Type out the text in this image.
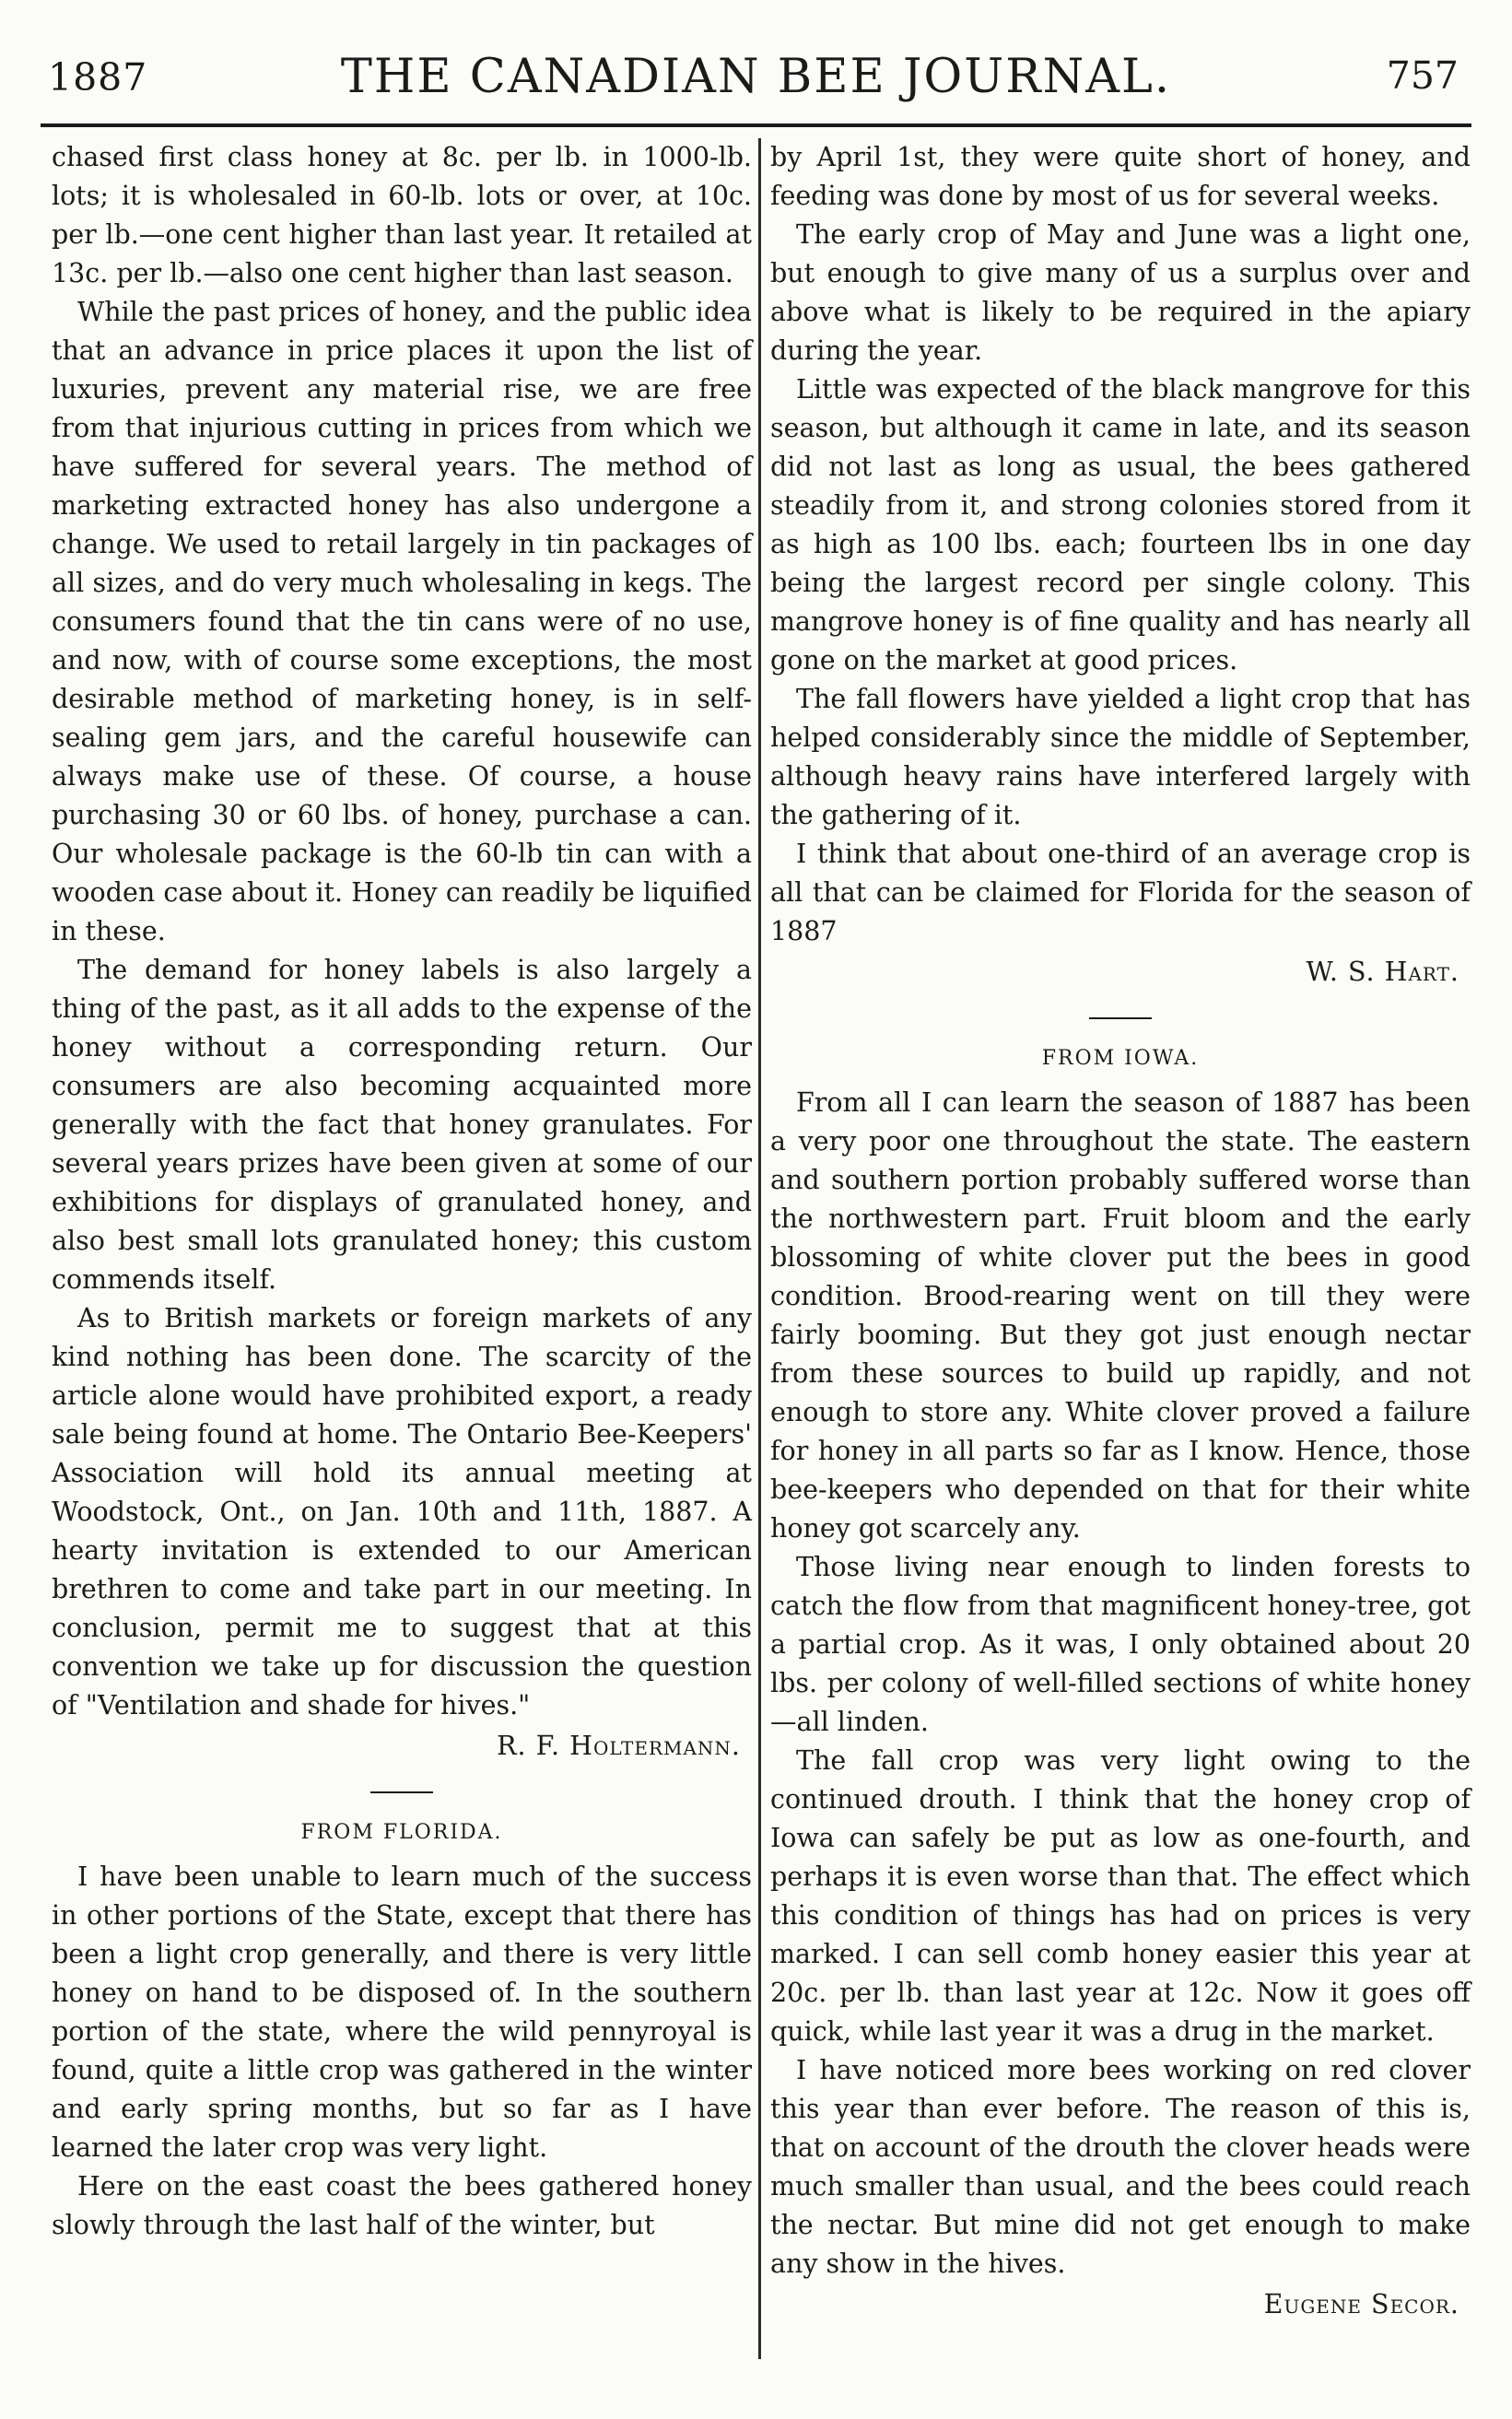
1887	THE CANADIAN BEE JOURNAL.	757

chased first class honey at 8c. per lb. in 1000-lb. lots; it is wholesaled in 60-lb. lots or over, at 10c. per lb.—one cent higher than last year. It retailed at 13c. per lb.—also one cent higher than last season.

While the past prices of honey, and the public idea that an advance in price places it upon the list of luxuries, prevent any material rise, we are free from that injurious cutting in prices from which we have suffered for several years. The method of marketing extracted honey has also undergone a change. We used to retail largely in tin packages of all sizes, and do very much wholesaling in kegs. The consumers found that the tin cans were of no use, and now, with of course some exceptions, the most desirable method of marketing honey, is in self-sealing gem jars, and the careful housewife can always make use of these. Of course, a house purchasing 30 or 60 lbs. of honey, purchase a can. Our wholesale package is the 60-lb tin can with a wooden case about it. Honey can readily be liquified in these.

The demand for honey labels is also largely a thing of the past, as it all adds to the expense of the honey without a corresponding return. Our consumers are also becoming acquainted more generally with the fact that honey granulates. For several years prizes have been given at some of our exhibitions for displays of granulated honey, and also best small lots granulated honey; this custom commends itself.

As to British markets or foreign markets of any kind nothing has been done. The scarcity of the article alone would have prohibited export, a ready sale being found at home. The Ontario Bee-Keepers' Association will hold its annual meeting at Woodstock, Ont., on Jan. 10th and 11th, 1887. A hearty invitation is extended to our American brethren to come and take part in our meeting. In conclusion, permit me to suggest that at this convention we take up for discussion the question of "Ventilation and shade for hives."

R. F. Holtermann.
FROM FLORIDA.

I have been unable to learn much of the success in other portions of the State, except that there has been a light crop generally, and there is very little honey on hand to be disposed of. In the southern portion of the state, where the wild pennyroyal is found, quite a little crop was gathered in the winter and early spring months, but so far as I have learned the later crop was very light.

Here on the east coast the bees gathered honey slowly through the last half of the winter, but

by April 1st, they were quite short of honey, and feeding was done by most of us for several weeks.

The early crop of May and June was a light one, but enough to give many of us a surplus over and above what is likely to be required in the apiary during the year.

Little was expected of the black mangrove for this season, but although it came in late, and its season did not last as long as usual, the bees gathered steadily from it, and strong colonies stored from it as high as 100 lbs. each; fourteen lbs in one day being the largest record per single colony. This mangrove honey is of fine quality and has nearly all gone on the market at good prices.

The fall flowers have yielded a light crop that has helped considerably since the middle of September, although heavy rains have interfered largely with the gathering of it.

I think that about one-third of an average crop is all that can be claimed for Florida for the season of 1887

W. S. Hart.
FROM IOWA.

From all I can learn the season of 1887 has been a very poor one throughout the state. The eastern and southern portion probably suffered worse than the northwestern part. Fruit bloom and the early blossoming of white clover put the bees in good condition. Brood-rearing went on till they were fairly booming. But they got just enough nectar from these sources to build up rapidly, and not enough to store any. White clover proved a failure for honey in all parts so far as I know. Hence, those bee-keepers who depended on that for their white honey got scarcely any.

Those living near enough to linden forests to catch the flow from that magnificent honey-tree, got a partial crop. As it was, I only obtained about 20 lbs. per colony of well-filled sections of white honey—all linden.

The fall crop was very light owing to the continued drouth. I think that the honey crop of Iowa can safely be put as low as one-fourth, and perhaps it is even worse than that. The effect which this condition of things has had on prices is very marked. I can sell comb honey easier this year at 20c. per lb. than last year at 12c. Now it goes off quick, while last year it was a drug in the market.

I have noticed more bees working on red clover this year than ever before. The reason of this is, that on account of the drouth the clover heads were much smaller than usual, and the bees could reach the nectar. But mine did not get enough to make any show in the hives.

Eugene Secor.
